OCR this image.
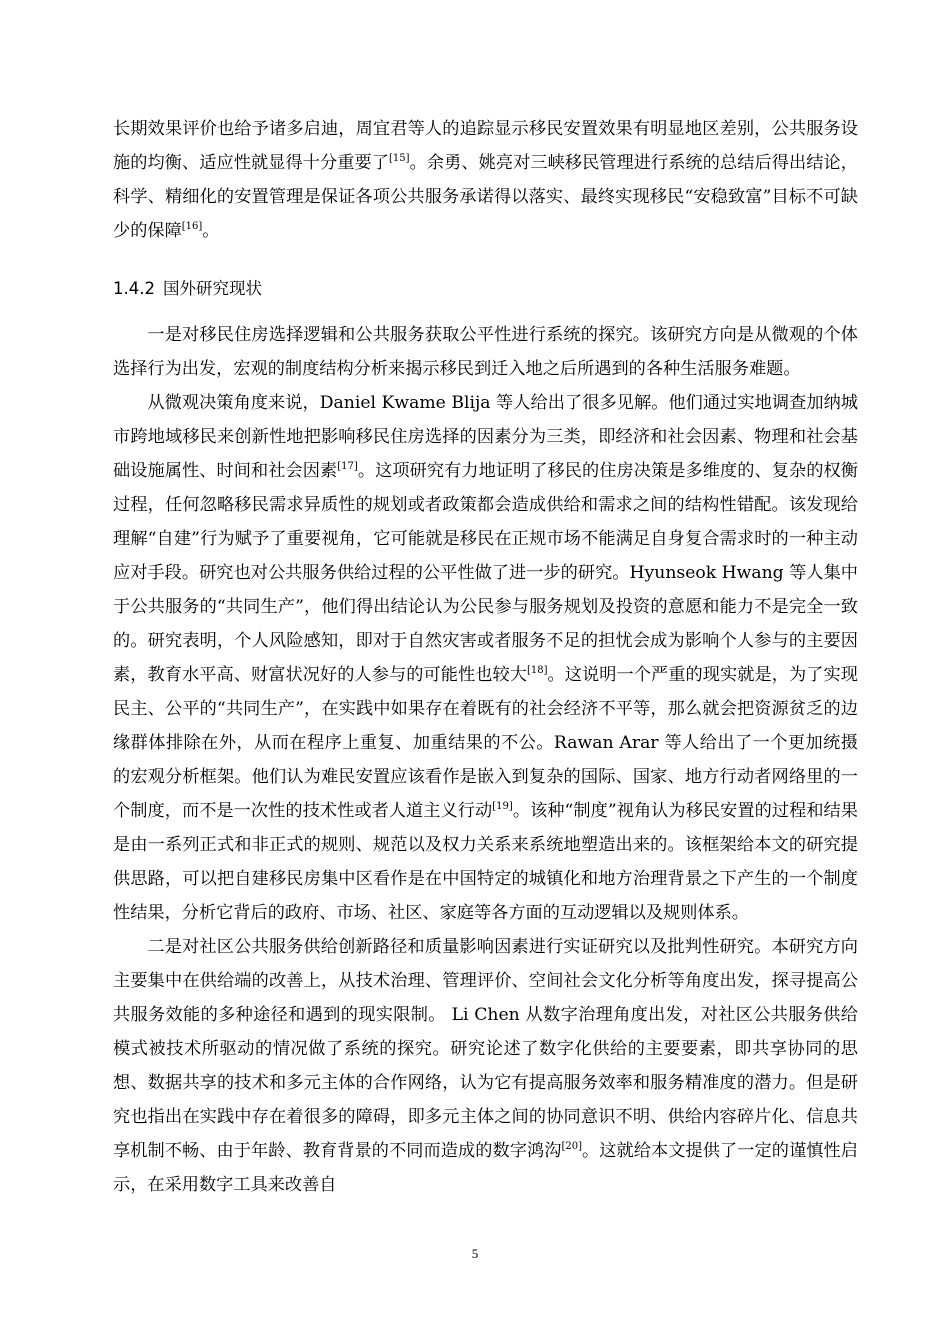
长期效果评价也给予诸多启迪，周宜君等人的追踪显示移民安置效果有明显地区差别，公共服务设施的均衡、适应性就显得十分重要了[15]。余勇、姚亮对三峡移民管理进行系统的总结后得出结论，科学、精细化的安置管理是保证各项公共服务承诺得以落实、最终实现移民“安稳致富”目标不可缺少的保障[16]。

1.4.2 国外研究现状

一是对移民住房选择逻辑和公共服务获取公平性进行系统的探究。该研究方向是从微观的个体选择行为出发，宏观的制度结构分析来揭示移民到迁入地之后所遇到的各种生活服务难题。

从微观决策角度来说，Daniel Kwame Blija 等人给出了很多见解。他们通过实地调查加纳城市跨地域移民来创新性地把影响移民住房选择的因素分为三类，即经济和社会因素、物理和社会基础设施属性、时间和社会因素[17]。这项研究有力地证明了移民的住房决策是多维度的、复杂的权衡过程，任何忽略移民需求异质性的规划或者政策都会造成供给和需求之间的结构性错配。该发现给理解“自建”行为赋予了重要视角，它可能就是移民在正规市场不能满足自身复合需求时的一种主动应对手段。研究也对公共服务供给过程的公平性做了进一步的研究。Hyunseok Hwang 等人集中于公共服务的“共同生产”，他们得出结论认为公民参与服务规划及投资的意愿和能力不是完全一致的。研究表明，个人风险感知，即对于自然灾害或者服务不足的担忧会成为影响个人参与的主要因素，教育水平高、财富状况好的人参与的可能性也较大[18]。这说明一个严重的现实就是，为了实现民主、公平的“共同生产”，在实践中如果存在着既有的社会经济不平等，那么就会把资源贫乏的边缘群体排除在外，从而在程序上重复、加重结果的不公。Rawan Arar 等人给出了一个更加统摄的宏观分析框架。他们认为难民安置应该看作是嵌入到复杂的国际、国家、地方行动者网络里的一个制度，而不是一次性的技术性或者人道主义行动[19]。该种“制度”视角认为移民安置的过程和结果是由一系列正式和非正式的规则、规范以及权力关系来系统地塑造出来的。该框架给本文的研究提供思路，可以把自建移民房集中区看作是在中国特定的城镇化和地方治理背景之下产生的一个制度性结果，分析它背后的政府、市场、社区、家庭等各方面的互动逻辑以及规则体系。

二是对社区公共服务供给创新路径和质量影响因素进行实证研究以及批判性研究。本研究方向主要集中在供给端的改善上，从技术治理、管理评价、空间社会文化分析等角度出发，探寻提高公共服务效能的多种途径和遇到的现实限制。 Li Chen 从数字治理角度出发，对社区公共服务供给模式被技术所驱动的情况做了系统的探究。研究论述了数字化供给的主要要素，即共享协同的思想、数据共享的技术和多元主体的合作网络，认为它有提高服务效率和服务精准度的潜力。但是研究也指出在实践中存在着很多的障碍，即多元主体之间的协同意识不明、供给内容碎片化、信息共享机制不畅、由于年龄、教育背景的不同而造成的数字鸿沟[20]。这就给本文提供了一定的谨慎性启示，在采用数字工具来改善自

5
